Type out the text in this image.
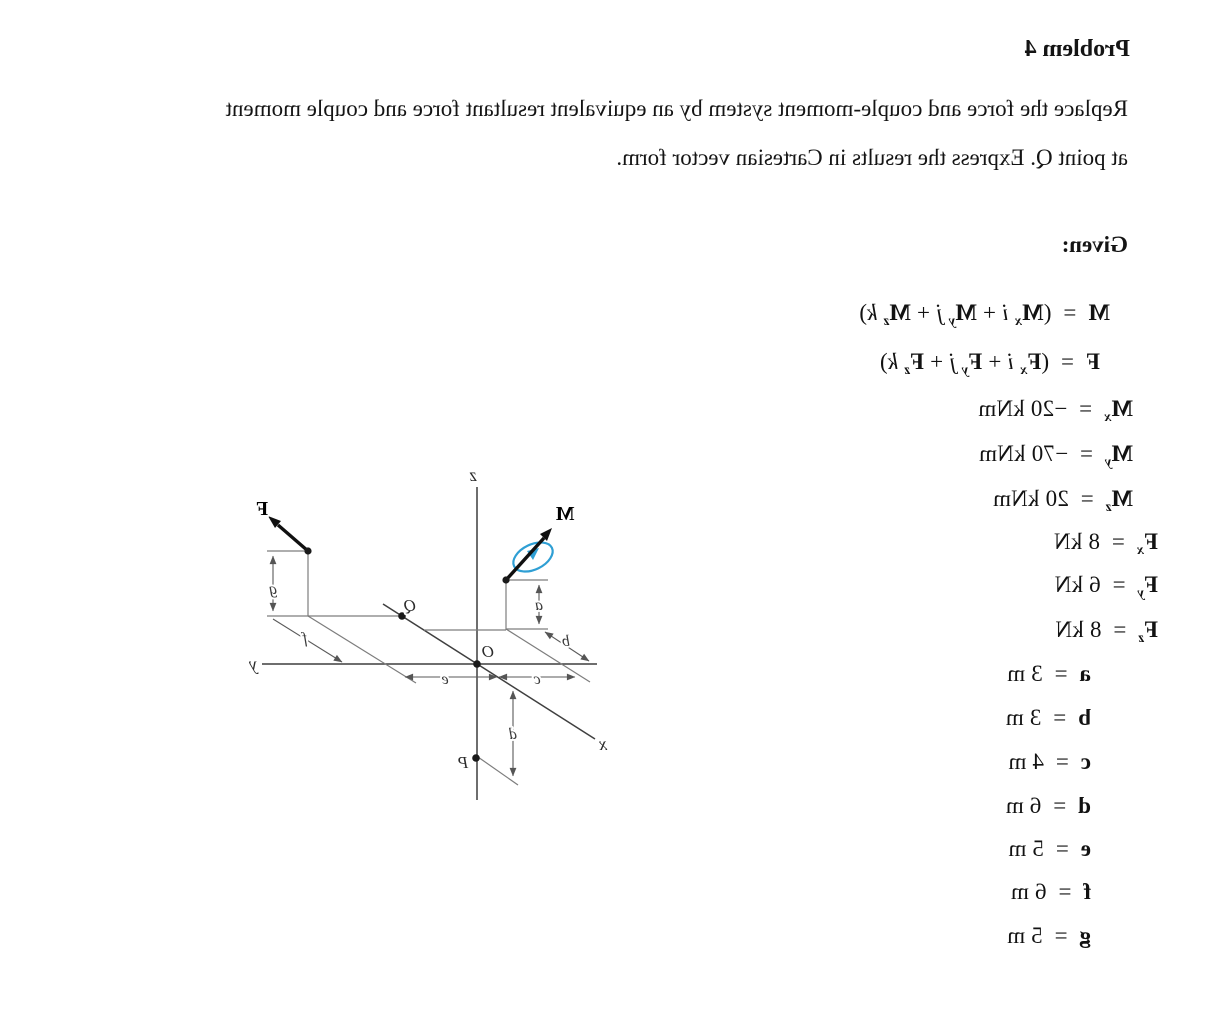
Problem 4
Replace the force and couple-moment system by an equivalent resultant force and couple moment
at point Q. Express the results in Cartesian vector form.
Given:
M = ($M_x$ $i + M_y$ $j + M_z$ k)
F = ($F_x$ $i + F_y$ $j + F_z$ k)
$M_x$ = −20 kNm
$M_y$ = −70 kNm
$M_z$ = 20 kNm
$F_x$ = 8 kN
$F_y$ = 6 kN
$F_z$ = 8 kN
a = 3 m
b = 3 m
c = 4 m
d = 6 m
e = 5 m
f = 6 m
g = 5 m
z
y
x
O
Q
P
F	M
a
b
c
d
e
f
g
